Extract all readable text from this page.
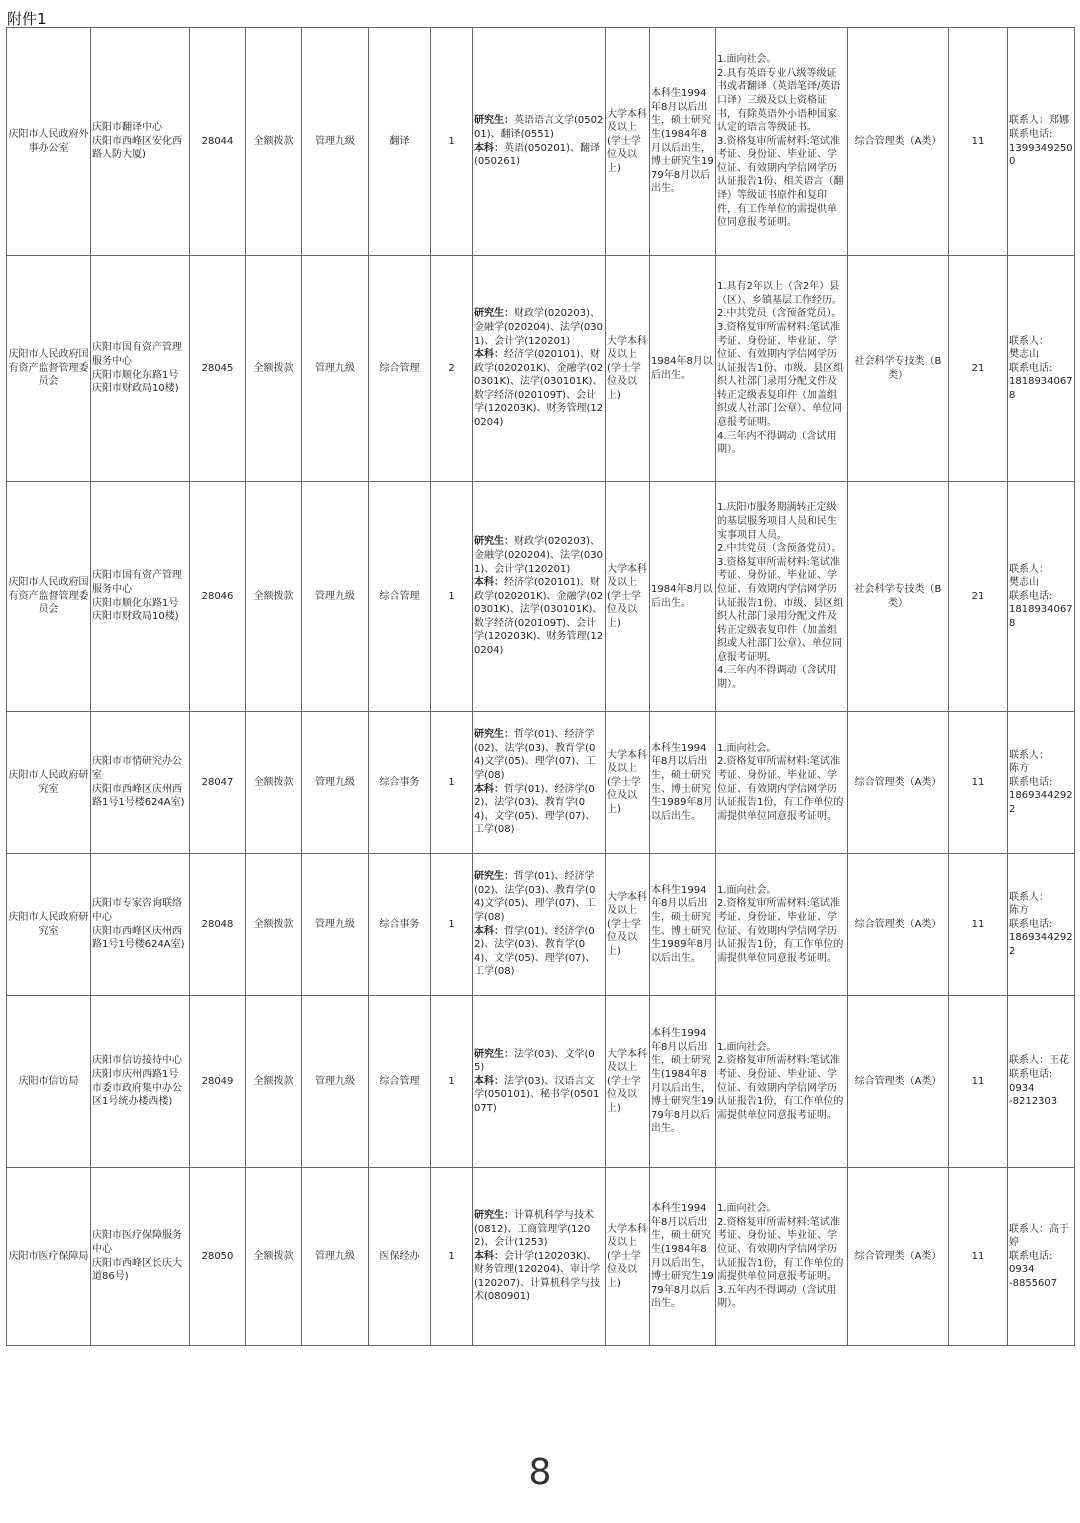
附件1
庆阳市人民政府外事办公室	庆阳市翻译中心
庆阳市西峰区安化西路人防大厦)	28044	全额拨款	管理九级	翻译	1	研究生：英语语言文学(050201)、翻译(0551)
本科：英语(050201)、翻译(050261)	大学本科及以上(学士学位及以上)	本科生1994年8月以后出生，硕士研究生(1984年8月以后出生，博士研究生1979年8月以后出生。	1.面向社会。
2.具有英语专业八级等级证书或者翻译（英语笔译/英语口译）三级及以上资格证书，有除英语外小语种国家认定的语言等级证书。
3.资格复审所需材料:笔试准考证、身份证、毕业证、学位证、有效期内学信网学历认证报告1份、相关语言（翻译）等级证书原件和复印件，有工作单位的需提供单位同意报考证明。	综合管理类（A类）	11	联系人：郑娜
联系电话:
13993492500

庆阳市人民政府国有资产监督管理委员会	庆阳市国有资产管理服务中心
庆阳市顺化东路1号庆阳市财政局10楼)	28045	全额拨款	管理九级	综合管理	2	研究生：财政学(020203)、金融学(020204)、法学(0301)、会计学(120201)
本科：经济学(020101)、财政学(020201K)、金融学(020301K)、法学(030101K)、数字经济(020109T)、会计学(120203K)、财务管理(120204)	大学本科及以上(学士学位及以上)	1984年8月以后出生。	1.具有2年以上（含2年）县（区）、乡镇基层工作经历。
2.中共党员（含预备党员）。
3.资格复审所需材料:笔试准考证、身份证、毕业证、学位证、有效期内学信网学历认证报告1份、市级、县区组织人社部门录用分配文件及转正定级表复印件（加盖组织或人社部门公章）、单位同意报考证明。
4.三年内不得调动（含试用期）。	社会科学专技类（B类）	21	联系人：
樊志山
联系电话:
18189340678

庆阳市人民政府国有资产监督管理委员会	庆阳市国有资产管理服务中心
庆阳市顺化东路1号庆阳市财政局10楼)	28046	全额拨款	管理九级	综合管理	1	研究生：财政学(020203)、金融学(020204)、法学(0301)、会计学(120201)
本科：经济学(020101)、财政学(020201K)、金融学(020301K)、法学(030101K)、数字经济(020109T)、会计学(120203K)、财务管理(120204)	大学本科及以上(学士学位及以上)	1984年8月以后出生。	1.庆阳市服务期满转正定级的基层服务项目人员和民生实事项目人员。
2.中共党员（含预备党员）。
3.资格复审所需材料:笔试准考证、身份证、毕业证、学位证、有效期内学信网学历认证报告1份、市级、县区组织人社部门录用分配文件及转正定级表复印件（加盖组织或人社部门公章）、单位同意报考证明。
4.三年内不得调动（含试用期）。	社会科学专技类（B类）	21	联系人：
樊志山
联系电话:
18189340678

庆阳市人民政府研究室	庆阳市市情研究办公室
庆阳市西峰区庆州西路1号1号楼624A室)	28047	全额拨款	管理九级	综合事务	1	研究生：哲学(01)、经济学(02)、法学(03)、教育学(04)文学(05)、理学(07)、工学(08)
本科：哲学(01)、经济学(02)、法学(03)、教育学(04)、文学(05)、理学(07)、工学(08)	大学本科及以上(学士学位及以上)	本科生1994年8月以后出生，硕士研究生、博士研究生1989年8月以后出生。	1.面向社会。
2.资格复审所需材料:笔试准考证、身份证、毕业证、学位证、有效期内学信网学历认证报告1份，有工作单位的需提供单位同意报考证明。	综合管理类（A类）	11	联系人：
陈方
联系电话:
18693442922

庆阳市人民政府研究室	庆阳市专家咨询联络中心
庆阳市西峰区庆州西路1号1号楼624A室)	28048	全额拨款	管理九级	综合事务	1	研究生：哲学(01)、经济学(02)、法学(03)、教育学(04)文学(05)、理学(07)、工学(08)
本科：哲学(01)、经济学(02)、法学(03)、教育学(04)、文学(05)、理学(07)、工学(08)	大学本科及以上(学士学位及以上)	本科生1994年8月以后出生，硕士研究生、博士研究生1989年8月以后出生。	1.面向社会。
2.资格复审所需材料:笔试准考证、身份证、毕业证、学位证、有效期内学信网学历认证报告1份，有工作单位的需提供单位同意报考证明。	综合管理类（A类）	11	联系人：
陈方
联系电话:
18693442922

庆阳市信访局	庆阳市信访接待中心
庆阳市庆州西路1号市委市政府集中办公区1号统办楼西楼)	28049	全额拨款	管理九级	综合管理	1	研究生：法学(03)、文学(05)
本科：法学(03)、汉语言文学(050101)、秘书学(050107T)	大学本科及以上(学士学位及以上)	本科生1994年8月以后出生，硕士研究生(1984年8月以后出生，博士研究生1979年8月以后出生。	1.面向社会。
2.资格复审所需材料:笔试准考证、身份证、毕业证、学位证、有效期内学信网学历认证报告1份，有工作单位的需提供单位同意报考证明。	综合管理类（A类）	11	联系人：王花
联系电话:
0934
-8212303

庆阳市医疗保障局	庆阳市医疗保障服务中心
庆阳市西峰区长庆大道86号)	28050	全额拨款	管理九级	医保经办	1	研究生：计算机科学与技术(0812)、工商管理学(1202)、会计(1253)
本科：会计学(120203K)、财务管理(120204)、审计学(120207)、计算机科学与技术(080901)	大学本科及以上(学士学位及以上)	本科生1994年8月以后出生，硕士研究生(1984年8月以后出生，博士研究生1979年8月以后出生。	1.面向社会。
2.资格复审所需材料:笔试准考证、身份证、毕业证、学位证、有效期内学信网学历认证报告1份，有工作单位的需提供单位同意报考证明。
3.五年内不得调动（含试用期）。	综合管理类（A类）	11	联系人：高于婷
联系电话:
0934
-8855607
8
